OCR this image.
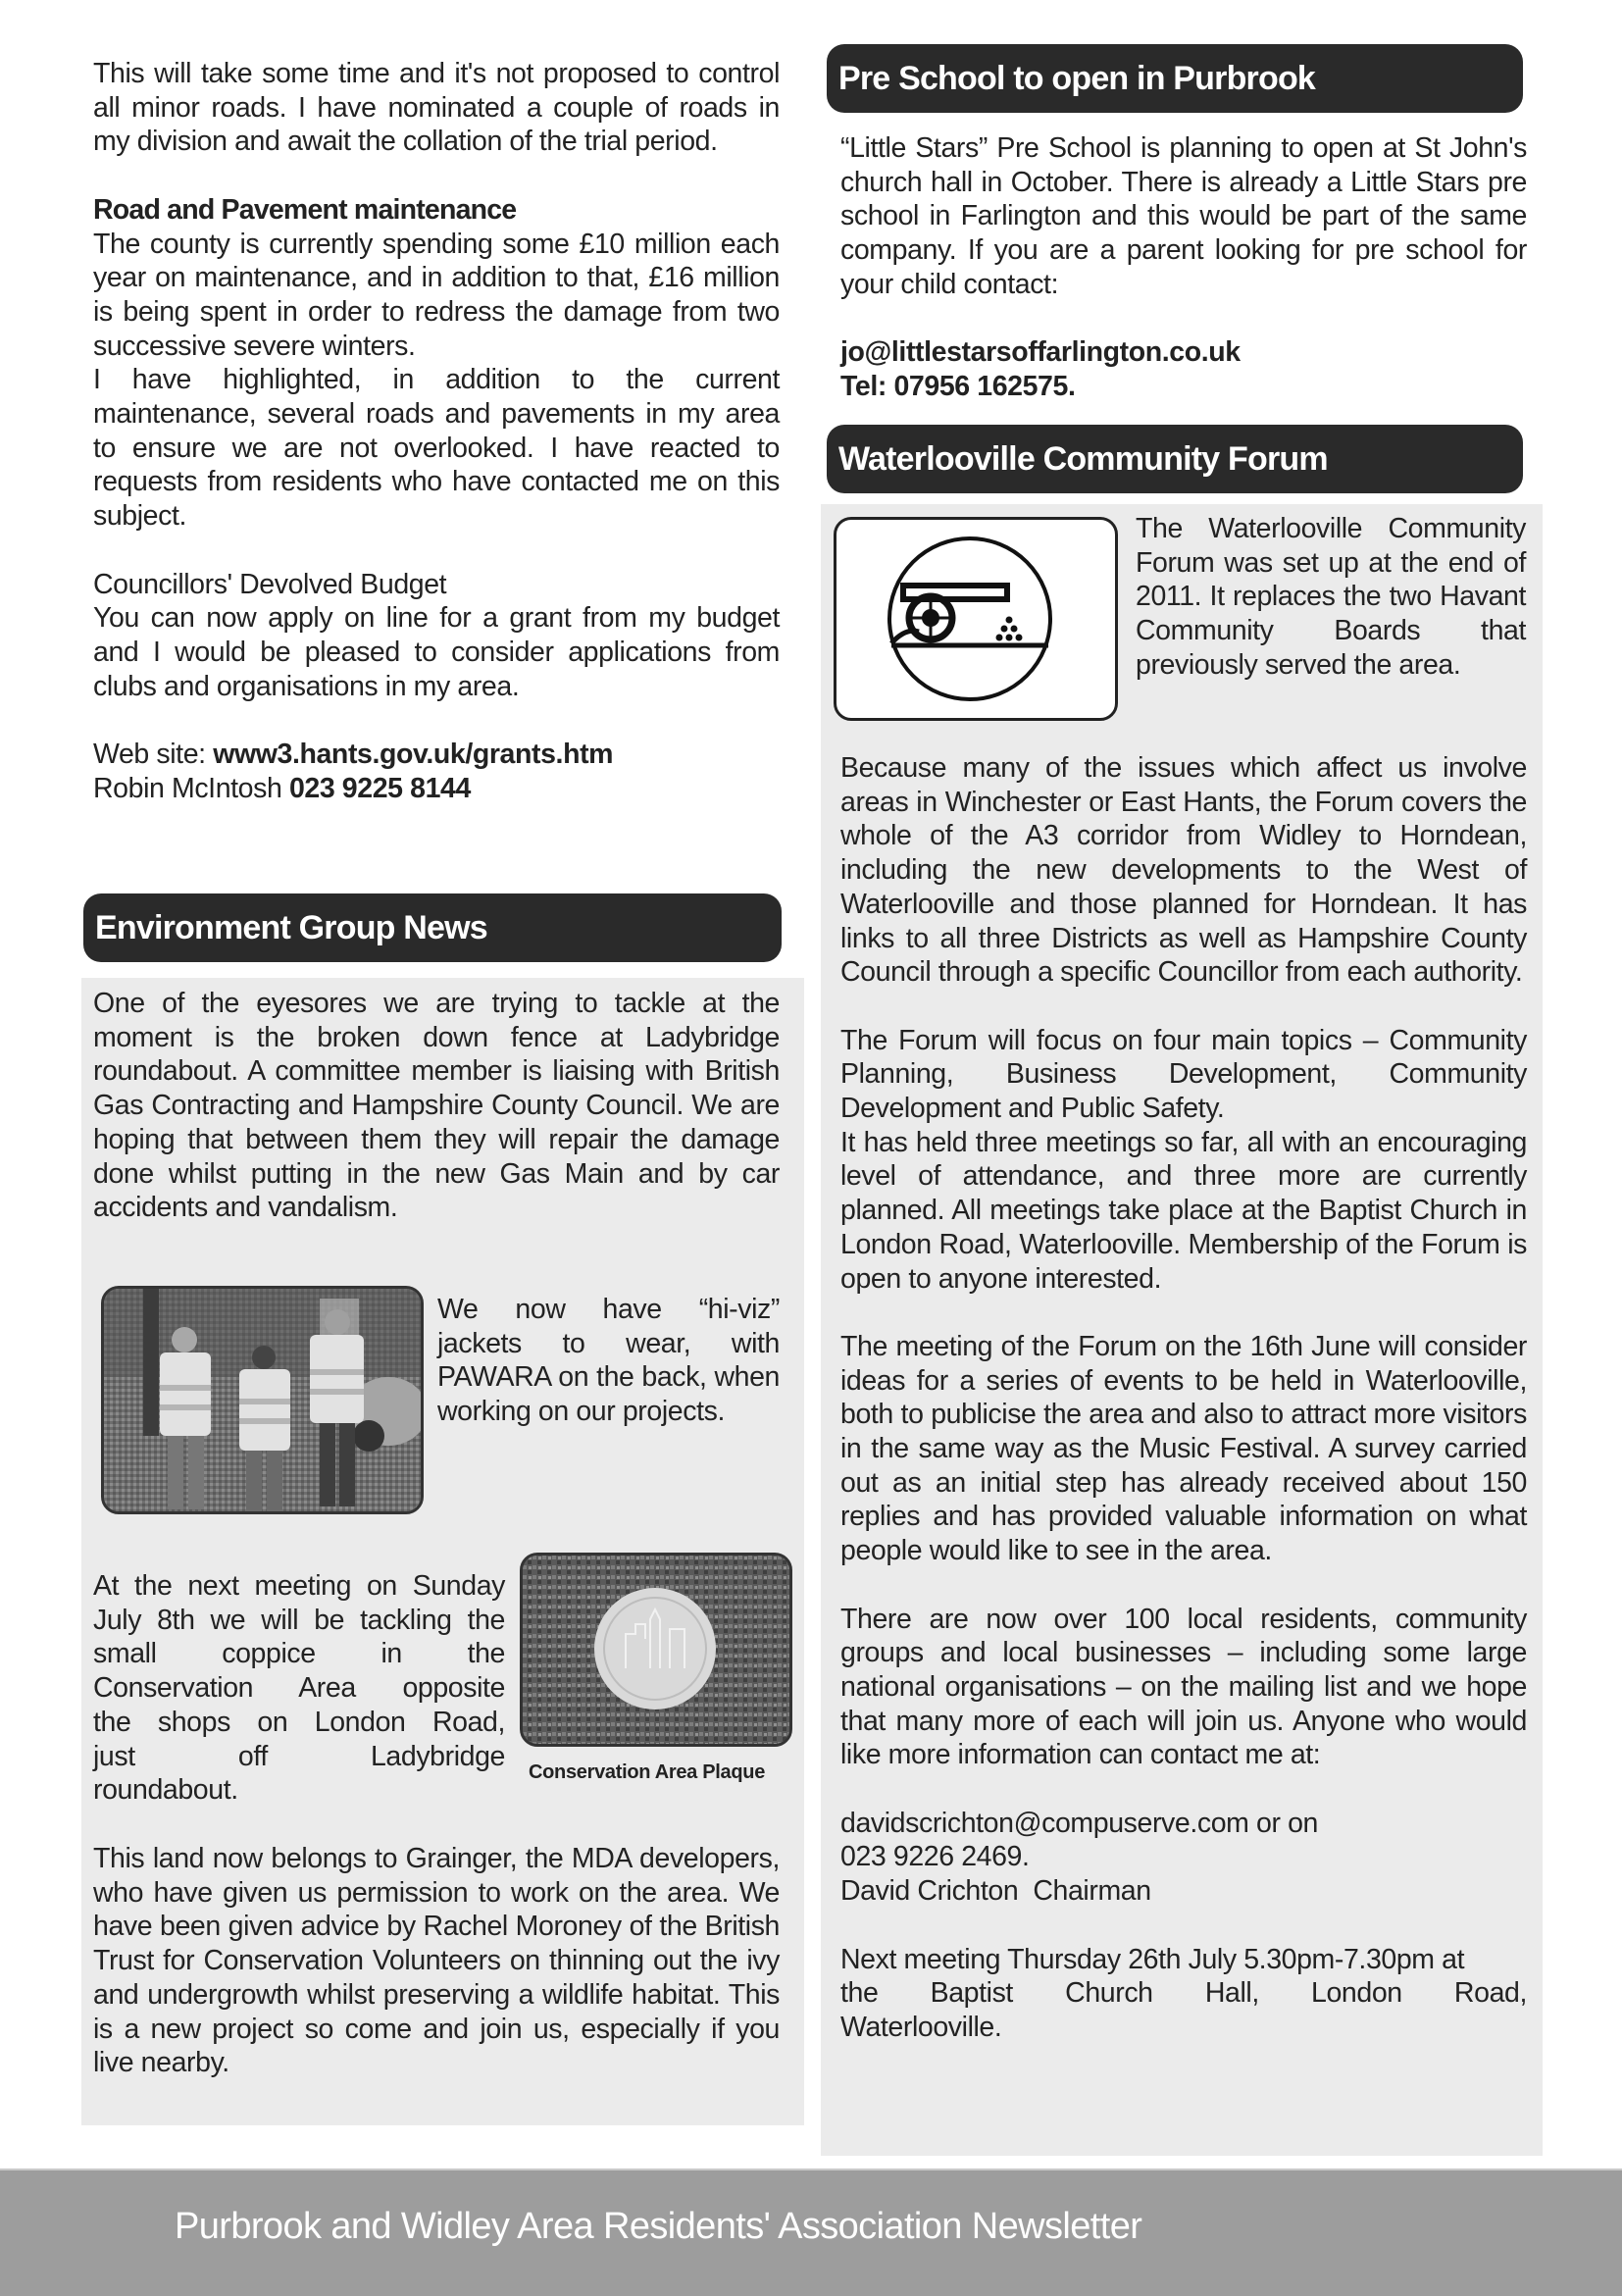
This will take some time and it's not proposed to control all minor roads. I have nominated a couple of roads in my division and await the collation of the trial period.

Road and Pavement maintenance

The county is currently spending some £10 million each year on maintenance, and in addition to that, £16 million is being spent in order to redress the damage from two successive severe winters.

I have highlighted, in addition to the current maintenance, several roads and pavements in my area to ensure we are not overlooked. I have reacted to requests from residents who have contacted me on this subject.

Councillors' Devolved Budget

You can now apply on line for a grant from my budget and I would be pleased to consider applications from clubs and organisations in my area.

Web site: www3.hants.gov.uk/grants.htm

Robin McIntosh 023 9225 8144

Environment Group News
One of the eyesores we are trying to tackle at the moment is the broken down fence at Ladybridge roundabout. A committee member is liaising with British Gas Contracting and Hampshire County Council. We are hoping that between them they will repair the damage done whilst putting in the new Gas Main and by car accidents and vandalism.
We now have “hi-viz” jackets to wear, with PAWARA on the back, when working on our projects.

At the next meeting on Sunday

July 8th we will be tackling the

small coppice in the

Conservation Area opposite

the shops on London Road,

just off Ladybridge

roundabout.

Conservation Area Plaque
This land now belongs to Grainger, the MDA developers, who have given us permission to work on the area. We have been given advice by Rachel Moroney of the British Trust for Conservation Volunteers on thinning out the ivy and undergrowth whilst preserving a wildlife habitat. This is a new project so come and join us, especially if you live nearby.
Pre School to open in Purbrook

“Little Stars” Pre School is planning to open at St John's church hall in October. There is already a Little Stars pre school in Farlington and this would be part of the same company. If you are a parent looking for pre school for your child contact:

jo@littlestarsoffarlington.co.uk

Tel: 07956 162575.

Waterlooville Community Forum
The Waterlooville Community Forum was set up at the end of 2011. It replaces the two Havant Community Boards that previously served the area.

Because many of the issues which affect us involve areas in Winchester or East Hants, the Forum covers the whole of the A3 corridor from Widley to Horndean, including the new developments to the West of Waterlooville and those planned for Horndean. It has links to all three Districts as well as Hampshire County Council through a specific Councillor from each authority.

The Forum will focus on four main topics – Community Planning, Business Development, Community Development and Public Safety.

It has held three meetings so far, all with an encouraging level of attendance, and three more are currently planned. All meetings take place at the Baptist Church in London Road, Waterlooville. Membership of the Forum is open to anyone interested.

The meeting of the Forum on the 16th June will consider ideas for a series of events to be held in Waterlooville, both to publicise the area and also to attract more visitors in the same way as the Music Festival. A survey carried out as an initial step has already received about 150 replies and has provided valuable information on what people would like to see in the area.

There are now over 100 local residents, community groups and local businesses – including some large national organisations – on the mailing list and we hope that many more of each will join us. Anyone who would like more information can contact me at:

davidscrichton@compuserve.com or on

023 9226 2469.

David Crichton  Chairman

Next meeting Thursday 26th July 5.30pm-7.30pm at

the Baptist Church Hall, London Road,

Waterlooville.

Purbrook and Widley Area Residents' Association Newsletter
